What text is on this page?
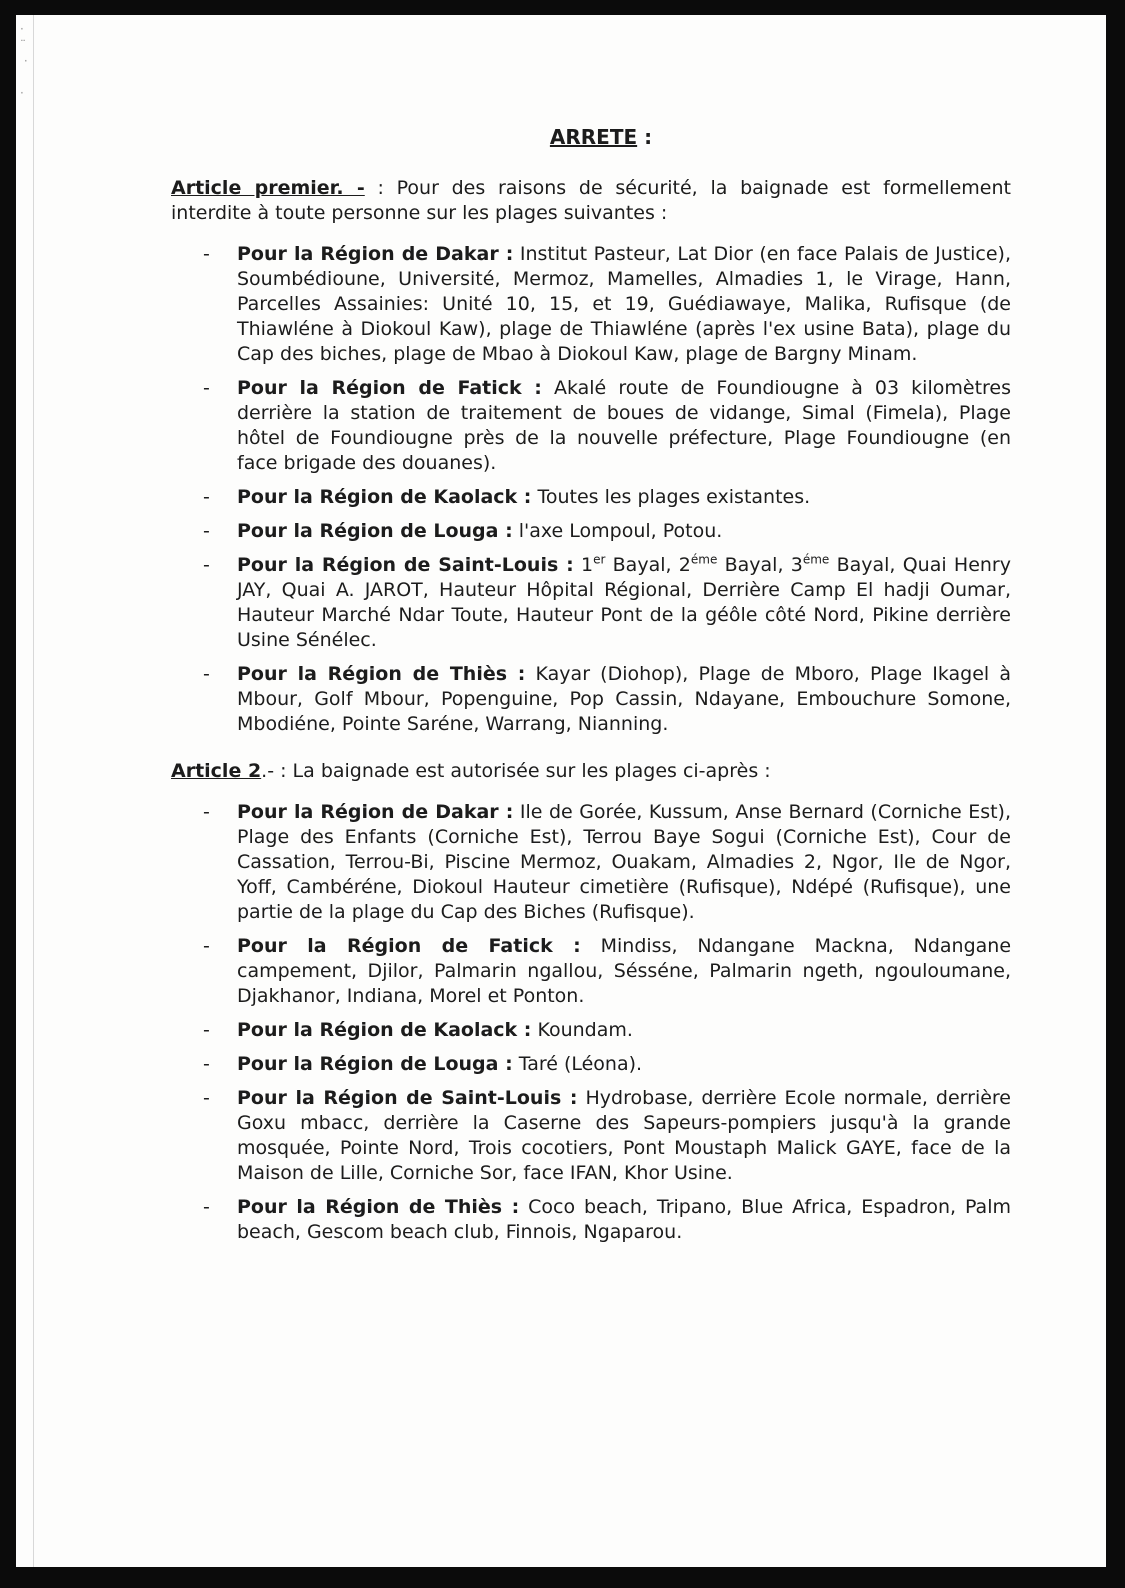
·
¨
·

·
ARRETE :

Article premier. - : Pour des raisons de sécurité, la baignade est formellement interdite à toute personne sur les plages suivantes :

- Pour la Région de Dakar : Institut Pasteur, Lat Dior (en face Palais de Justice), Soumbédioune, Université, Mermoz, Mamelles, Almadies 1, le Virage, Hann, Parcelles Assainies: Unité 10, 15, et 19, Guédiawaye, Malika, Rufisque (de Thiawléne à Diokoul Kaw), plage de Thiawléne (après l'ex usine Bata), plage du Cap des biches, plage de Mbao à Diokoul Kaw, plage de Bargny Minam.
- Pour la Région de Fatick : Akalé route de Foundiougne à 03 kilomètres derrière la station de traitement de boues de vidange, Simal (Fimela), Plage hôtel de Foundiougne près de la nouvelle préfecture, Plage Foundiougne (en face brigade des douanes).
- Pour la Région de Kaolack : Toutes les plages existantes.
- Pour la Région de Louga : l'axe Lompoul, Potou.
- Pour la Région de Saint-Louis : 1er Bayal, $2^{éme}$ Bayal, $3^{éme}$ Bayal, Quai Henry JAY, Quai A. JAROT, Hauteur Hôpital Régional, Derrière Camp El hadji Oumar, Hauteur Marché Ndar Toute, Hauteur Pont de la géôle côté Nord, Pikine derrière Usine Sénélec.
- Pour la Région de Thiès : Kayar (Diohop), Plage de Mboro, Plage Ikagel à Mbour, Golf Mbour, Popenguine, Pop Cassin, Ndayane, Embouchure Somone, Mbodiéne, Pointe Saréne, Warrang, Nianning.

Article 2.- : La baignade est autorisée sur les plages ci-après :

- Pour la Région de Dakar : Ile de Gorée, Kussum, Anse Bernard (Corniche Est), Plage des Enfants (Corniche Est), Terrou Baye Sogui (Corniche Est), Cour de Cassation, Terrou-Bi, Piscine Mermoz, Ouakam, Almadies 2, Ngor, Ile de Ngor, Yoff, Cambéréne, Diokoul Hauteur cimetière (Rufisque), Ndépé (Rufisque), une partie de la plage du Cap des Biches (Rufisque).
- Pour la Région de Fatick : Mindiss, Ndangane Mackna, Ndangane campement, Djilor, Palmarin ngallou, Sésséne, Palmarin ngeth, ngouloumane, Djakhanor, Indiana, Morel et Ponton.
- Pour la Région de Kaolack : Koundam.
- Pour la Région de Louga : Taré (Léona).
- Pour la Région de Saint-Louis : Hydrobase, derrière Ecole normale, derrière Goxu mbacc, derrière la Caserne des Sapeurs-pompiers jusqu'à la grande mosquée, Pointe Nord, Trois cocotiers, Pont Moustaph Malick GAYE, face de la Maison de Lille, Corniche Sor, face IFAN, Khor Usine.
- Pour la Région de Thiès : Coco beach, Tripano, Blue Africa, Espadron, Palm beach, Gescom beach club, Finnois, Ngaparou.
